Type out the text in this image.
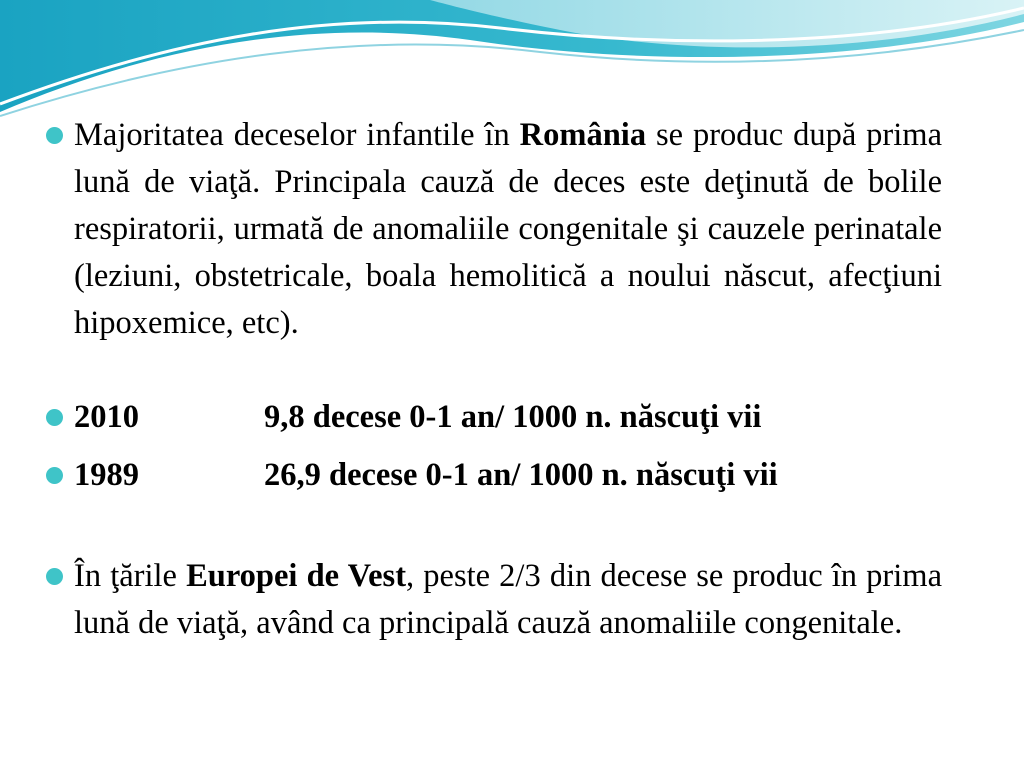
Majoritatea deceselor infantile în România se produc după prima lună de viaţă. Principala cauză de deces este deţinută de bolile respiratorii, urmată de anomaliile congenitale şi cauzele perinatale (leziuni, obstetricale, boala hemolitică a noului născut, afecţiuni hipoxemice, etc).
2010	9,8 decese 0-1 an/ 1000 n. născuţi vii
1989	26,9 decese 0-1 an/ 1000 n. născuţi vii
În ţările Europei de Vest, peste 2/3 din decese se produc în prima lună de viaţă, având ca principală cauză anomaliile congenitale.
